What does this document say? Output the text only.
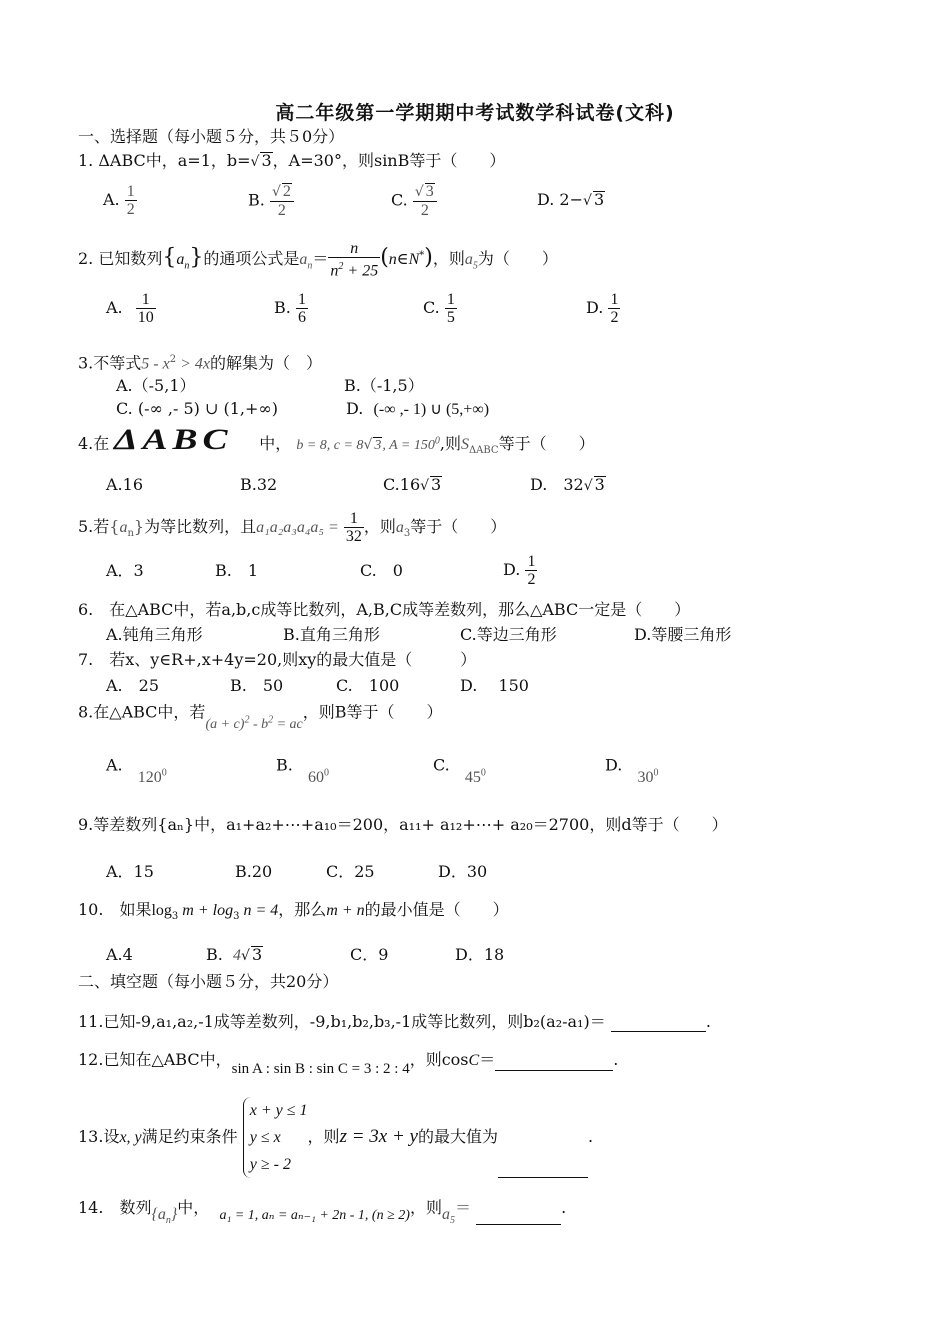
高二年级第一学期期中考试数学科试卷(文科)
一、选择题（每小题５分，共５0分）
1. ΔABC中，a=1，b=√ 3，A=30°，则sinB等于（　　）
A. $\frac{1}{2}$	B. $\frac{√ 2}{2}$	C. $\frac{√ 3}{2}$	D. 2−√ 3
2. 已知数列$\{a_n\}$的通项公式是$a_n= \frac{n}{n^2 + 25}$ (n∈N*)，则$a_5$为（　　）
A. $\frac{1}{10}$	B. $\frac{1}{6}$	C. $\frac{1}{5}$	D. $\frac{1}{2}$
3.不等式$5 - x^2 > 4x$的解集为（　）
A.（-5,1）	B.（-1,5）
C. (-∞ ,- 5) ∪ (1,+∞)	D. (-∞ ,- 1) ∪ (5,+∞)
4.在 ΔABC 中， b = 8, c = 8√ 3, $A = 150^0$,则$S_{\Delta ABC}$等于（　　）
A.16	B.32	C.16√ 3	D.　32√ 3
5.若$\{a_n\}$为等比数列，且$a_1a_2a_3a_4a_5 = \frac{1}{32}$ ，则$a_3$等于（　　）
A．3	B.　1	C.　0	D. $\frac{1}{2}$
6.　在△ABC中，若a,b,c成等比数列，A,B,C成等差数列，那么△ABC一定是（　　）
A.钝角三角形	B.直角三角形	C.等边三角形	D.等腰三角形
7.　若x、y∈R+,x+4y=20,则xy的最大值是（　　　）
A.　25	B.　50	C.　100	D.　 150
8.在△ABC中，若$(a + c)^2 - b^2$ = ac，则B等于（　　）
A. $120^0$	B. $60^0$	C. $45^0$	D. $30^0$
9.等差数列{aₙ}中，a₁+a₂+⋯+a₁₀＝200，a₁₁+ a₁₂+⋯+ a₂₀＝2700，则d等于（　　）
A．15	B.20	C．25	D．30
10.　如果$\log_3 m + \log_3 n = 4$，那么m + n的最小值是（　　）
A.4	B. 4√ 3	C．9	D．18
二、填空题（每小题５分，共20分）
11.已知-9,a₁,a₂,-1成等差数列，-9,b₁,b₂,b₃,-1成等比数列，则b₂(a₂-a₁)＝	.
12.已知在△ABC中，sin A : sin B : sin C = 3 : 2 : 4，则cosC＝	.
13.设x, y满足约束条件
x + y ≤ 1
y ≤ x
y ≥ - 2
，则z = 3x + y的最大值为	.
14.　数列$\{a_n\}$中， a₁ = 1, aₙ = aₙ₋₁ + 2n - 1, (n ≥ 2)，则$a_5=$	.
